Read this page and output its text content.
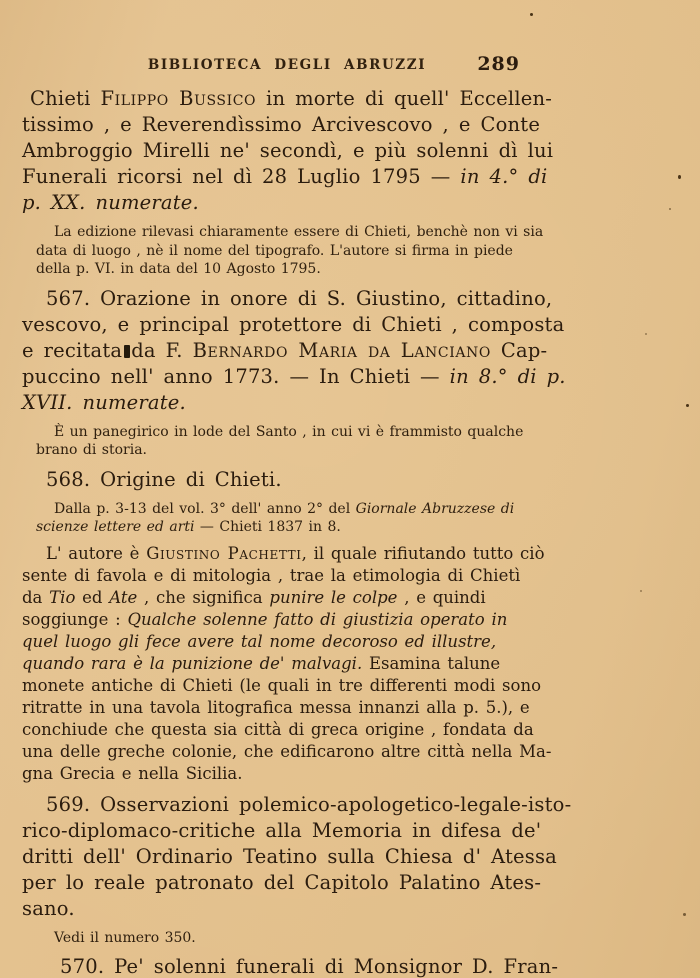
BIBLIOTECA DEGLI ABRUZZI	289

Chieti Filippo Bussico in morte di quell' Eccellen-
tissimo , e Reverendìssimo Arcivescovo , e Conte
Ambroggio Mirelli ne' secondì, e più solenni dì lui
Funerali ricorsi nel dì 28 Luglio 1795 — in 4.° di
p. XX. numerate.

La edizione rilevasi chiaramente essere di Chieti, benchè non vi sia
data di luogo , nè il nome del tipografo. L'autore si firma in piede
della p. VI. in data del 10 Agosto 1795.

567. Orazione in onore di S. Giustino, cittadino,
vescovo, e principal protettore di Chieti , composta
e recitata da F. Bernardo Maria da Lanciano Cap-
puccino nell' anno 1773. — In Chieti — in 8.° di p.
XVII. numerate.

È un panegirico in lode del Santo , in cui vi è frammisto qualche
brano di storia.

568. Origine di Chieti.

Dalla p. 3-13 del vol. 3° dell' anno 2° del Giornale Abruzzese di
scienze lettere ed arti — Chieti 1837 in 8.

L' autore è Giustino Pachetti, il quale rifiutando tutto ciò
sente di favola e di mitologia , trae la etimologia di Chietì
da Tio ed Ate , che significa punire le colpe , e quindi
soggiunge : Qualche solenne fatto di giustizia operato in
quel luogo gli fece avere tal nome decoroso ed illustre,
quando rara è la punizione de' malvagi. Esamina talune
monete antiche di Chieti (le quali in tre differenti modi sono
ritratte in una tavola litografica messa innanzi alla p. 5.), e
conchiude che questa sia città di greca origine , fondata da
una delle greche colonie, che edificarono altre città nella Ma-
gna Grecia e nella Sicilia.

569. Osservazioni polemico-apologetico-legale-isto-
rico-diplomaco-critiche alla Memoria in difesa de'
dritti dell' Ordinario Teatino sulla Chiesa d' Atessa
per lo reale patronato del Capitolo Palatino Ates-
sano.

Vedi il numero 350.

570. Pe' solenni funerali di Monsignor D. Fran-
